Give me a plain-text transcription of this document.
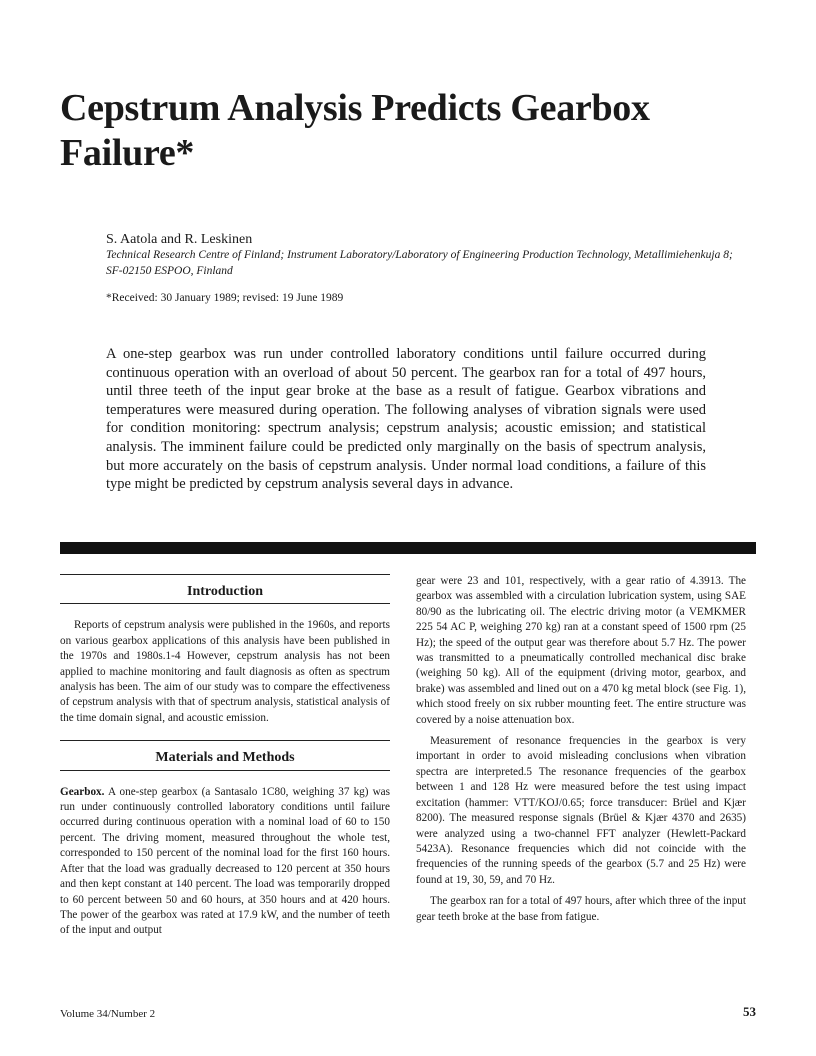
Cepstrum Analysis Predicts Gearbox Failure*
S. Aatola and R. Leskinen
Technical Research Centre of Finland; Instrument Laboratory/Laboratory of Engineering Production Technology, Metallimiehenkuja 8; SF-02150 ESPOO, Finland
*Received: 30 January 1989; revised: 19 June 1989

A one-step gearbox was run under controlled laboratory conditions until failure occurred during continuous operation with an overload of about 50 percent. The gearbox ran for a total of 497 hours, until three teeth of the input gear broke at the base as a result of fatigue. Gearbox vibrations and temperatures were measured during operation. The following analyses of vibration signals were used for condition monitoring: spectrum analysis; cepstrum analysis; acoustic emission; and statistical analysis. The imminent failure could be predicted only marginally on the basis of spectrum analysis, but more accurately on the basis of cepstrum analysis. Under normal load conditions, a failure of this type might be predicted by cepstrum analysis several days in advance.

Introduction

Reports of cepstrum analysis were published in the 1960s, and reports on various gearbox applications of this analysis have been published in the 1970s and 1980s.1-4 However, cepstrum analysis has not been applied to machine monitoring and fault diagnosis as often as spectrum analysis has been. The aim of our study was to compare the effectiveness of cepstrum analysis with that of spectrum analysis, statistical analysis of the time domain signal, and acoustic emission.

Materials and Methods

Gearbox. A one-step gearbox (a Santasalo 1C80, weighing 37 kg) was run under continuously controlled laboratory conditions until failure occurred during continuous operation with a nominal load of 60 to 150 percent. The driving moment, measured throughout the whole test, corresponded to 150 percent of the nominal load for the first 160 hours. After that the load was gradually decreased to 120 percent at 350 hours and then kept constant at 140 percent. The load was temporarily dropped to 60 percent between 50 and 60 hours, at 350 hours and at 420 hours. The power of the gearbox was rated at 17.9 kW, and the number of teeth of the input and output

gear were 23 and 101, respectively, with a gear ratio of 4.3913. The gearbox was assembled with a circulation lubrication system, using SAE 80/90 as the lubricating oil. The electric driving motor (a VEMKMER 225 54 AC P, weighing 270 kg) ran at a constant speed of 1500 rpm (25 Hz); the speed of the output gear was therefore about 5.7 Hz. The power was transmitted to a pneumatically controlled mechanical disc brake (weighing 50 kg). All of the equipment (driving motor, gearbox, and brake) was assembled and lined out on a 470 kg metal block (see Fig. 1), which stood freely on six rubber mounting feet. The entire structure was covered by a noise attenuation box.

Measurement of resonance frequencies in the gearbox is very important in order to avoid misleading conclusions when vibration spectra are interpreted.5 The resonance frequencies of the gearbox between 1 and 128 Hz were measured before the test using impact excitation (hammer: VTT/KOJ/0.65; force transducer: Brüel and Kjær 8200). The measured response signals (Brüel & Kjær 4370 and 2635) were analyzed using a two-channel FFT analyzer (Hewlett-Packard 5423A). Resonance frequencies which did not coincide with the frequencies of the running speeds of the gearbox (5.7 and 25 Hz) were found at 19, 30, 59, and 70 Hz.

The gearbox ran for a total of 497 hours, after which three of the input gear teeth broke at the base from fatigue.

Volume 34/Number 2	53
